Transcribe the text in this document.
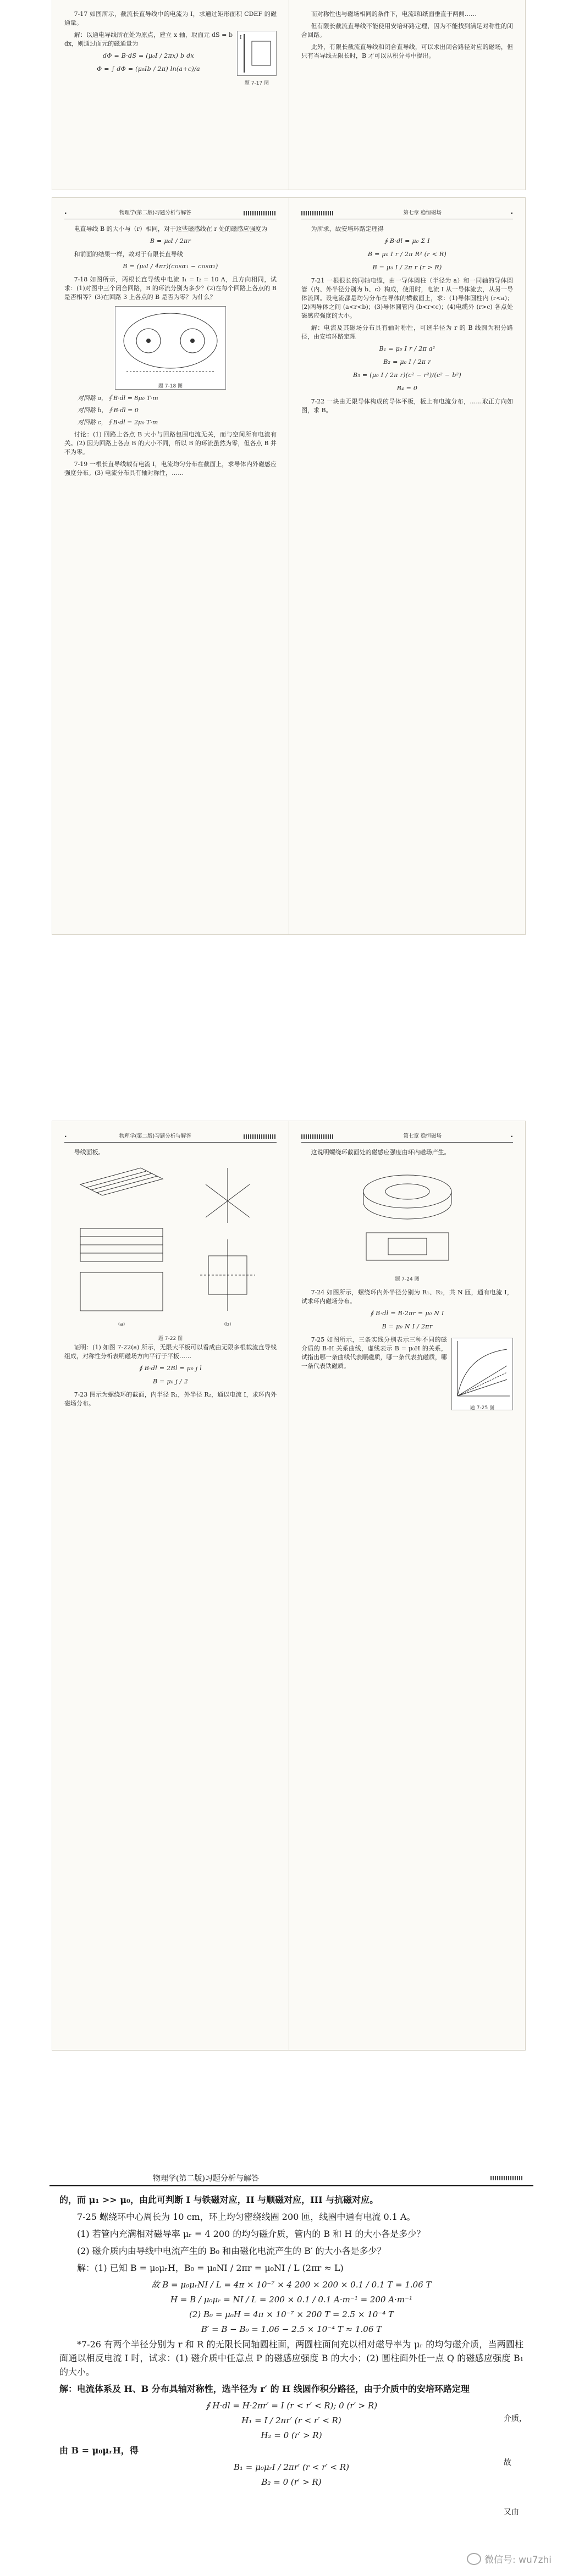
7-17 如图所示，截流长直导线中的电流为 I，求通过矩形面积 CDEF 的磁通量。

I
题 7-17 图

解：以通电导线所在处为原点，建立 x 轴，取面元 dS = b dx，则通过面元的磁通量为

dΦ = B·dS = (μ₀I / 2πx) b dx
Φ = ∫ dΦ = (μ₀Ib / 2π) ln(a+c)/a

而对称性也与磁场相同的条件下，电流I和纸面垂直于两侧……

但有限长截流直导线不能使用安培环路定理，因为不能找到满足对称性的闭合回路。

此外，有限长截流直导线和闭合直导线，可以求出闭合路径对应的磁场，但只有当导线无限长时，B 才可以从积分号中提出。

·	物理学(第二版)习题分析与解答

电直导线 B 的大小与（r）相同，对于这些磁感线在 r 处的磁感应强度为

B = μ₀I / 2πr

和前面的结果一样，故对于有限长直导线

B = (μ₀I / 4πr)(cosα₁ − cosα₂)

7-18 如图所示，两根长直导线中电流 I₁ = I₂ = 10 A，且方向相同，试求：(1)对图中三个闭合回路，B 的环流分别为多少？(2)在每个回路上各点的 B 是否相等？(3)在回路 3 上各点的 B 是否为零？为什么？

题 7-18 图
对回路 a，∮B·dl = 8μ₀ T·m
对回路 b，∮B·dl = 0
对回路 c，∮B·dl = 2μ₀ T·m

讨论：(1) 回路上各点 B 大小与回路包围电流无关，而与空间所有电流有关。(2) 因为回路上各点 B 的大小不同，所以 B 的环流虽然为零，但各点 B 并不为零。

7-19 一根长直导线载有电流 I，电流均匀分布在截面上，求导体内外磁感应强度分布。(3) 电流分布具有轴对称性，……

第七章 稳恒磁场	·

为所求，故安培环路定理得

∮ B·dl = μ₀ Σ I
B = μ₀ I r / 2π R² (r < R)
B = μ₀ I / 2π r (r > R)

7-21 一根很长的同轴电缆，由一导体圆柱（半径为 a）和一同轴的导体圆管（内、外半径分别为 b、c）构成，使用时，电流 I 从一导体流去，从另一导体流回。设电流都是均匀分布在导体的横截面上，求：(1)导体圆柱内 (r<a)；(2)两导体之间 (a<r<b)；(3)导体圆管内 (b<r<c)；(4)电缆外 (r>c) 各点处磁感应强度的大小。

解：电流及其磁场分布具有轴对称性，可选半径为 r 的 B 线圆为积分路径，由安培环路定理

B₁ = μ₀ I r / 2π a²
B₂ = μ₀ I / 2π r
B₃ = (μ₀ I / 2π r)(c² − r²)/(c² − b²)
B₄ = 0

7-22 一块由无限导体构成的导体平板，板上有电流分布，……取正方向如图，求 B。

·	物理学(第二版)习题分析与解答

导线面板。

(a)	(b)
题 7-22 图

证明：(1) 如图 7-22(a) 所示，无限大平板可以看成由无限多根载流直导线组成，对称性分析表明磁场方向平行于平板……

∮ B·dl = 2Bl = μ₀ j l
B = μ₀ j / 2

7-23 图示为螺绕环的截面，内半径 R₁，外半径 R₂，通以电流 I，求环内外磁场分布。

第七章 稳恒磁场	·

这说明螺绕环截面处的磁感应强度由环内磁场产生。

题 7-24 图

7-24 如图所示，螺绕环内外半径分别为 R₁、R₂，共 N 匝，通有电流 I，试求环内磁场分布。

∮ B·dl = B·2πr = μ₀ N I
B = μ₀ N I / 2πr
题 7-25 图

7-25 如图所示，三条实线分别表示三种不同的磁介质的 B-H 关系曲线，虚线表示 B = μ₀H 的关系，试指出哪一条曲线代表顺磁质，哪一条代表抗磁质，哪一条代表铁磁质。

物理学(第二版)习题分析与解答

的，而 μ₁ >> μ₀，由此可判断 I 与铁磁对应，II 与顺磁对应，III 与抗磁对应。

7-25 螺绕环中心周长为 10 cm，环上均匀密绕线圈 200 匝，线圈中通有电流 0.1 A。

(1) 若管内充满相对磁导率 μᵣ = 4 200 的均匀磁介质，管内的 B 和 H 的大小各是多少？

(2) 磁介质内由导线中电流产生的 B₀ 和由磁化电流产生的 B′ 的大小各是多少？

解：(1) 已知 B = μ₀μᵣH，B₀ = μ₀NI / 2πr = μ₀NI / L (2πr ≈ L)

故 B = μ₀μᵣNI / L = 4π × 10⁻⁷ × 4 200 × 200 × 0.1 / 0.1 T = 1.06 T
H = B / μ₀μᵣ = NI / L = 200 × 0.1 / 0.1 A·m⁻¹ = 200 A·m⁻¹
(2) B₀ = μ₀H = 4π × 10⁻⁷ × 200 T = 2.5 × 10⁻⁴ T
B′ = B − B₀ = 1.06 − 2.5 × 10⁻⁴ T ≈ 1.06 T

*7-26 有两个半径分别为 r 和 R 的无限长同轴圆柱面，两圆柱面间充以相对磁导率为 μᵣ 的均匀磁介质，当两圆柱面通以相反电流 I 时，试求：(1) 磁介质中任意点 P 的磁感应强度 B 的大小；(2) 圆柱面外任一点 Q 的磁感应强度 B₁ 的大小。

解：电流体系及 H、B 分布具轴对称性，选半径为 r′ 的 H 线圆作积分路径，由于介质中的安培环路定理

∮ H·dl = H·2πr′ = I (r < r′ < R); 0 (r′ > R)
H₁ = I / 2πr′ (r < r′ < R)
H₂ = 0 (r′ > R)

由 B = μ₀μᵣH，得

B₁ = μ₀μᵣI / 2πr′ (r < r′ < R)
B₂ = 0 (r′ > R)
介质，
故
又由
微信号: wu7zhi
